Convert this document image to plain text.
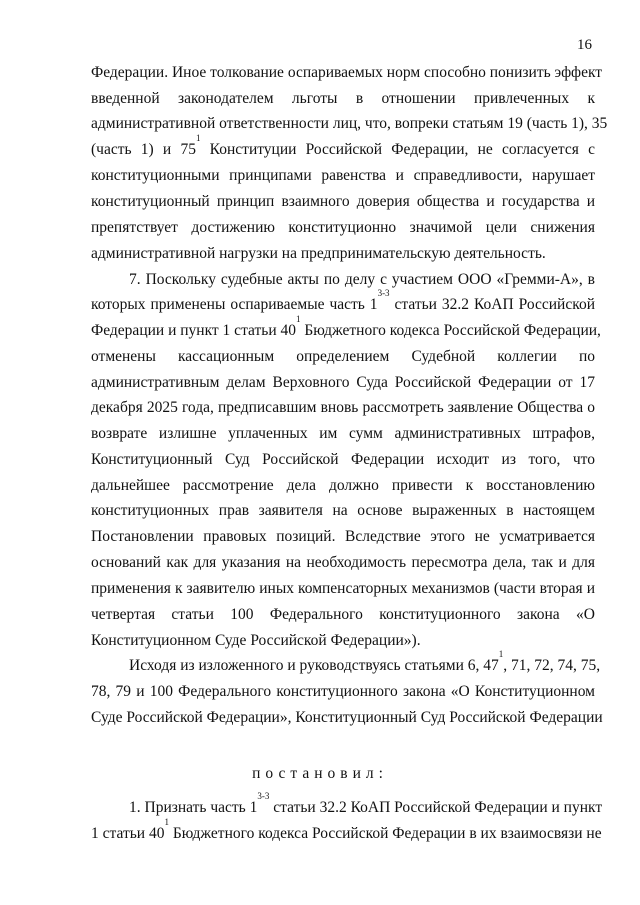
16
Федерации. Иное толкование оспариваемых норм способно понизить эффект
введенной законодателем льготы в отношении привлеченных к
административной ответственности лиц, что, вопреки статьям 19 (часть 1), 35
(часть 1) и $75^1$ Конституции Российской Федерации, не согласуется с
конституционными принципами равенства и справедливости, нарушает
конституционный принцип взаимного доверия общества и государства и
препятствует достижению конституционно значимой цели снижения
административной нагрузки на предпринимательскую деятельность.
7. Поскольку судебные акты по делу с участием ООО «Гремми-А», в
которых применены оспариваемые часть 1$^{3-3}$ статьи 32.2 КоАП Российской
Федерации и пункт 1 статьи $40^1$ Бюджетного кодекса Российской Федерации,
отменены кассационным определением Судебной коллегии по
административным делам Верховного Суда Российской Федерации от 17
декабря 2025 года, предписавшим вновь рассмотреть заявление Общества о
возврате излишне уплаченных им сумм административных штрафов,
Конституционный Суд Российской Федерации исходит из того, что
дальнейшее рассмотрение дела должно привести к восстановлению
конституционных прав заявителя на основе выраженных в настоящем
Постановлении правовых позиций. Вследствие этого не усматривается
оснований как для указания на необходимость пересмотра дела, так и для
применения к заявителю иных компенсаторных механизмов (части вторая и
четвертая статьи 100 Федерального конституционного закона «О
Конституционном Суде Российской Федерации»).
Исходя из изложенного и руководствуясь статьями 6, $47^1$, 71, 72, 74, 75,
78, 79 и 100 Федерального конституционного закона «О Конституционном
Суде Российской Федерации», Конституционный Суд Российской Федерации
постановил:
1. Признать часть 1$^{3-3}$ статьи 32.2 КоАП Российской Федерации и пункт
1 статьи $40^1$ Бюджетного кодекса Российской Федерации в их взаимосвязи не
